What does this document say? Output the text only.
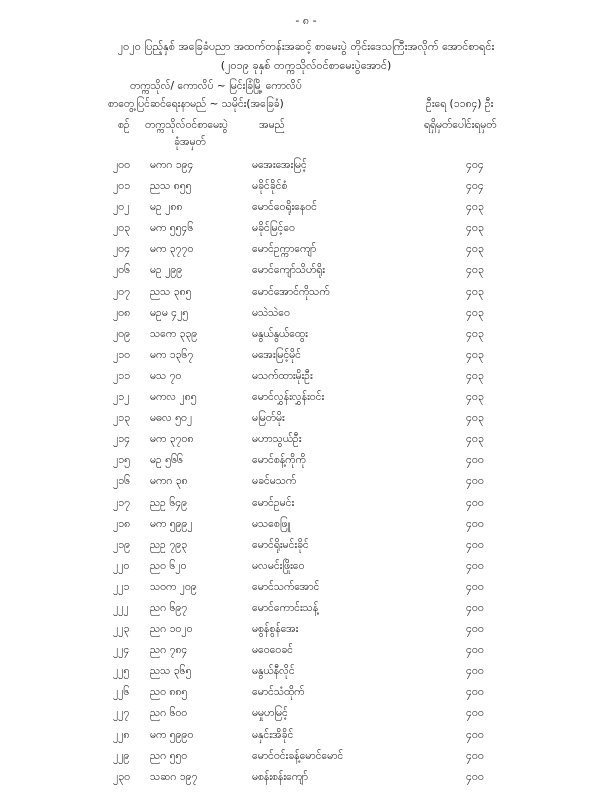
- ၈ -
၂၀၂၀ ပြည့်နှစ် အခြေခံပညာ အထက်တန်းအဆင့် စာမေးပွဲ တိုင်းဒေသကြီးအလိုက် အောင်စာရင်း
(၂၀၁၉ ခုနှစ် တက္ကသိုလ်ဝင်စာမေးပွဲအောင်)
တက္ကသိုလ်/ ကောလိပ် ~ မြင်းခြံမြို့ ကောလိပ်
စာတွေ့ပြင်ဆင်ရေးနာမည် ~ သမိုင်း(အခြေခံ)	ဦးရေ (၁၁၈၄) ဦး
စဉ် တက္ကသိုလ်ဝင်စာမေးပွဲ
ခုံအမှတ်
အမည်	ရရှိမှတ်ပေါင်းရမှတ်
၂၀၀ မကဂ ၁၉၄	မအေးအေးမြင့်	၄၀၄
၂၀၁ ညသ ၈၅၅	မခိုင်ခိုင်စံ	၄၀၄
၂၀၂ မဥ ၂၈၈	မောင်ဝေရိုးနေဝင်	၄၀၃
၂၀၃ မက ၅၅၄၆	မခိုင်မြင့်ဝေ	၄၀၃
၂၀၄ မက ၃၇၇၀	မောင်ဥက္ကာကျော်	၄၀၃
၂၀၆ မဥ ၂၉၉	မောင်ကျော်သိဟ်ရိုး	၄၀၃
၂၀၇ ညသ ၃၈၅	မောင်အောင်ကိုသက်	၄၀၃
၂၀၈ မဥမ ၄၂၅	မသဲသဲဝေ	၄၀၃
၂၀၉ သကေ ၃၃၉	မနွယ်နွယ်ထွေး	၄၀၃
၂၁၀ မက ၁၃၆၇	မအေးမြင့်မိုင်	၄၀၃
၂၁၁ မသ ၇၀	မသက်ထားမိုးဦး	၄၀၃
၂၁၂ မကလ ၂၈၅	မောင်လွှန်းလွှန်းဝင်း	၄၀၃
၂၁၃ မဓလ ၅၀၂	မမြတ်မိုး	၄၀၃
၂၁၄ မက ၃၇၀၈	မဟာသွယ်ဦး	၄၀၃
၂၁၅ မဥ ၅၆၆	မောင်စန့်ကိုကို	၄၀၀
၂၁၆ မကဂ ၃၈	မခင်မသက်	၄၀၀
၂၁၇ ညဥ ၆၄၉	မောင်ဥမင်း	၄၀၀
၂၁၈ မက ၅၉၉၂	မသစေဖြူ	၄၀၀
၂၁၉ ညဥ ၇၉၃	မောင်ရိုးမင်းခိုင်	၄၀၀
၂၂၀ ညဝ ၆၂၀	မလမင်းဖြိုးဝေ	၄၀၀
၂၂၁ သဝက ၂၀၉	မောင်သက်အောင်	၄၀၀
၂၂၂ ညဂ ၆၉၇	မောင်ကောင်းသန့်	၄၀၀
၂၂၃ ညဂ ၁၀၂၀	မစွန်စွန်အေး	၄၀၀
၂၂၄ ညဂ ၇၈၄	မဝေဝေခင်	၄၀၀
၂၂၅ ညသ ၃၆၅	မနွယ်နီလိုင်	၄၀၀
၂၂၆ ညဝ ၈၈၅	မောင်သံထိုက်	၄၀၀
၂၂၇ ညဂ ၆၀၀	မမှုဟမြင့်	၄၀၀
၂၂၈ မက ၅၉၉၀	မနှင်းအိခိုင်	၄၀၀
၂၂၉ ညဂ ၅၅၀	မောင်ဝင်းခန့်မောင်မောင်	၄၀၀
၂၃၀ သဆဂ ၁၉၇	မစန်းစန်းကျော်	၄၀၀
